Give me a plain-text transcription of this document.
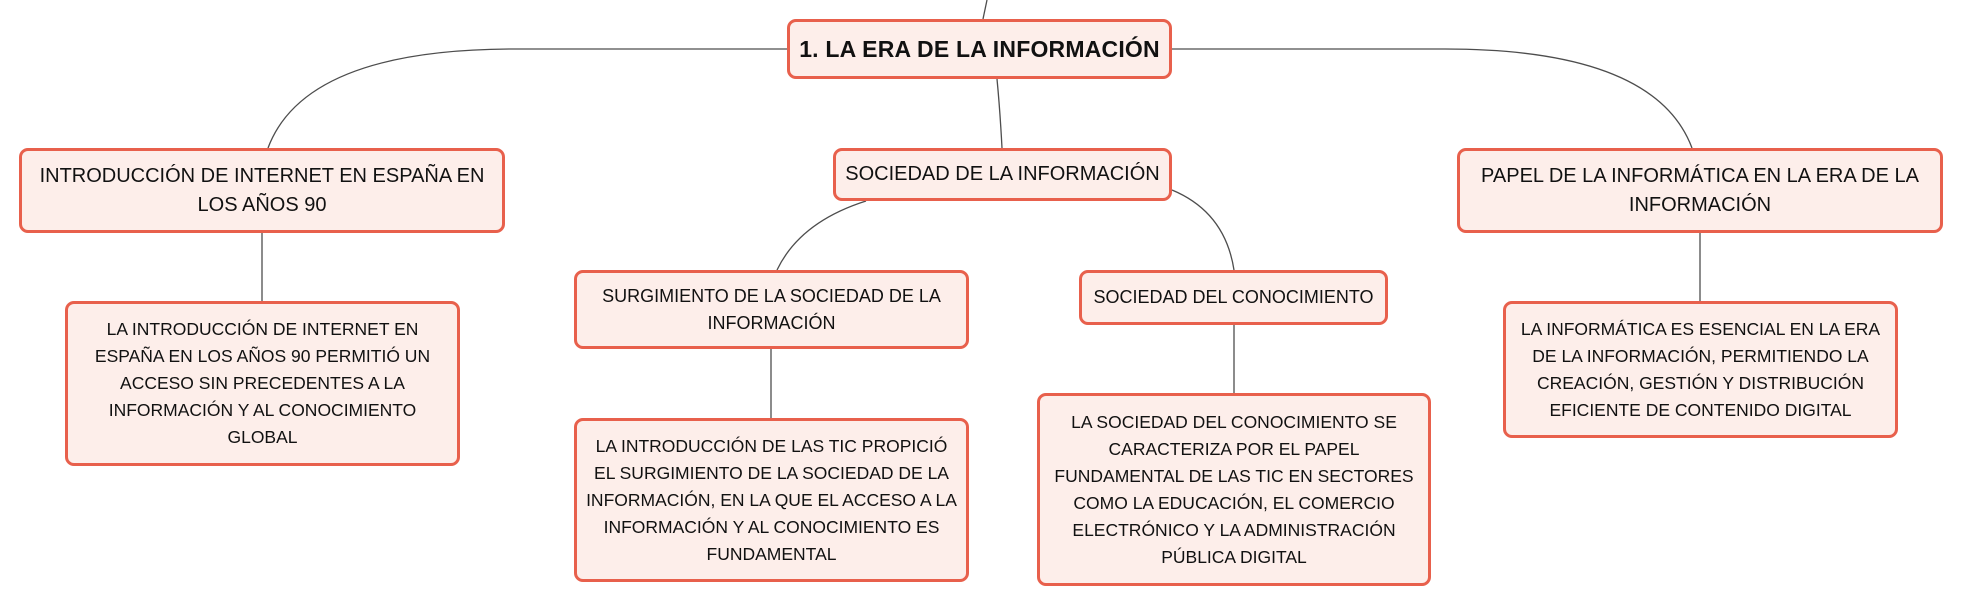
1. LA ERA DE LA INFORMACIÓN
INTRODUCCIÓN DE INTERNET EN ESPAÑA EN LOS AÑOS 90
SOCIEDAD DE LA INFORMACIÓN	PAPEL DE LA INFORMÁTICA EN LA ERA DE LA INFORMACIÓN
SURGIMIENTO DE LA SOCIEDAD DE LA INFORMACIÓN
SOCIEDAD DEL CONOCIMIENTO
LA INTRODUCCIÓN DE INTERNET EN ESPAÑA EN LOS AÑOS 90 PERMITIÓ UN ACCESO SIN PRECEDENTES A LA INFORMACIÓN Y AL CONOCIMIENTO GLOBAL	LA INTRODUCCIÓN DE LAS TIC PROPICIÓ EL SURGIMIENTO DE LA SOCIEDAD DE LA INFORMACIÓN, EN LA QUE EL ACCESO A LA INFORMACIÓN Y AL CONOCIMIENTO ES FUNDAMENTAL
LA SOCIEDAD DEL CONOCIMIENTO SE CARACTERIZA POR EL PAPEL FUNDAMENTAL DE LAS TIC EN SECTORES COMO LA EDUCACIÓN, EL COMERCIO ELECTRÓNICO Y LA ADMINISTRACIÓN PÚBLICA DIGITAL
LA INFORMÁTICA ES ESENCIAL EN LA ERA DE LA INFORMACIÓN, PERMITIENDO LA CREACIÓN, GESTIÓN Y DISTRIBUCIÓN EFICIENTE DE CONTENIDO DIGITAL
